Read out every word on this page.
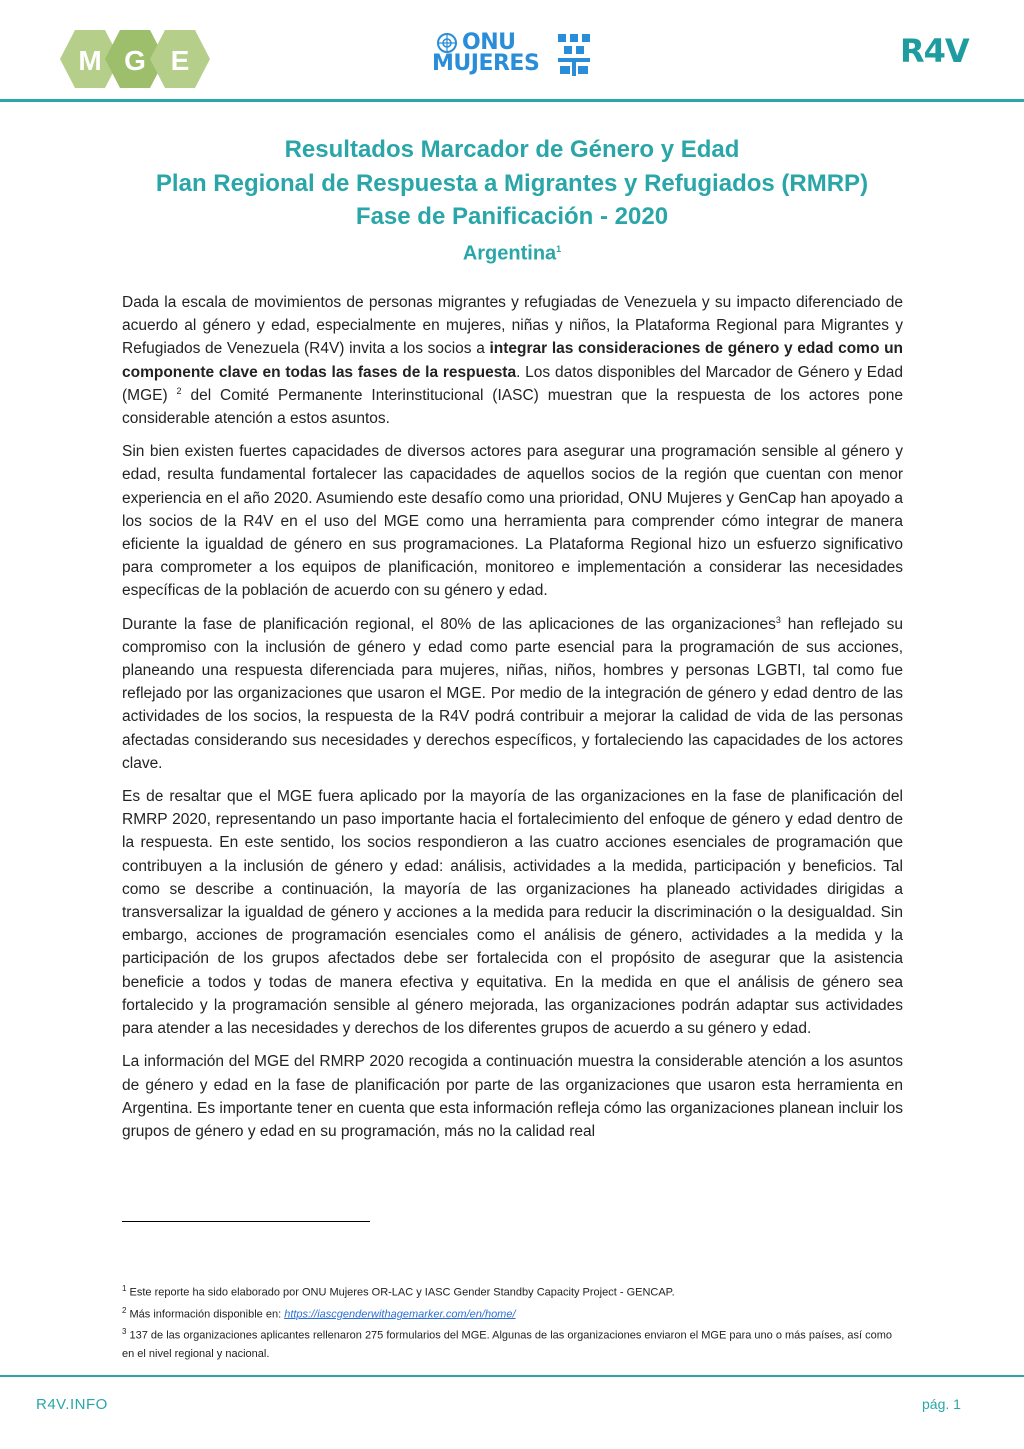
M G E
ONU
MUJERES	R4V
Resultados Marcador de Género y Edad
Plan Regional de Respuesta a Migrantes y Refugiados (RMRP)
Fase de Panificación - 2020
Argentina$^1$

Dada la escala de movimientos de personas migrantes y refugiadas de Venezuela y su impacto diferenciado de acuerdo al género y edad, especialmente en mujeres, niñas y niños, la Plataforma Regional para Migrantes y Refugiados de Venezuela (R4V) invita a los socios a integrar las consideraciones de género y edad como un componente clave en todas las fases de la respuesta. Los datos disponibles del Marcador de Género y Edad (MGE) $^2$ del Comité Permanente Interinstitucional (IASC) muestran que la respuesta de los actores pone considerable atención a estos asuntos.

Sin bien existen fuertes capacidades de diversos actores para asegurar una programación sensible al género y edad, resulta fundamental fortalecer las capacidades de aquellos socios de la región que cuentan con menor experiencia en el año 2020. Asumiendo este desafío como una prioridad, ONU Mujeres y GenCap han apoyado a los socios de la R4V en el uso del MGE como una herramienta para comprender cómo integrar de manera eficiente la igualdad de género en sus programaciones. La Plataforma Regional hizo un esfuerzo significativo para comprometer a los equipos de planificación, monitoreo e implementación a considerar las necesidades específicas de la población de acuerdo con su género y edad.

Durante la fase de planificación regional, el 80% de las aplicaciones de las organizaciones$^3$ han reflejado su compromiso con la inclusión de género y edad como parte esencial para la programación de sus acciones, planeando una respuesta diferenciada para mujeres, niñas, niños, hombres y personas LGBTI, tal como fue reflejado por las organizaciones que usaron el MGE. Por medio de la integración de género y edad dentro de las actividades de los socios, la respuesta de la R4V podrá contribuir a mejorar la calidad de vida de las personas afectadas considerando sus necesidades y derechos específicos, y fortaleciendo las capacidades de los actores clave.

Es de resaltar que el MGE fuera aplicado por la mayoría de las organizaciones en la fase de planificación del RMRP 2020, representando un paso importante hacia el fortalecimiento del enfoque de género y edad dentro de la respuesta. En este sentido, los socios respondieron a las cuatro acciones esenciales de programación que contribuyen a la inclusión de género y edad: análisis, actividades a la medida, participación y beneficios. Tal como se describe a continuación, la mayoría de las organizaciones ha planeado actividades dirigidas a transversalizar la igualdad de género y acciones a la medida para reducir la discriminación o la desigualdad. Sin embargo, acciones de programación esenciales como el análisis de género, actividades a la medida y la participación de los grupos afectados debe ser fortalecida con el propósito de asegurar que la asistencia beneficie a todos y todas de manera efectiva y equitativa. En la medida en que el análisis de género sea fortalecido y la programación sensible al género mejorada, las organizaciones podrán adaptar sus actividades para atender a las necesidades y derechos de los diferentes grupos de acuerdo a su género y edad.

La información del MGE del RMRP 2020 recogida a continuación muestra la considerable atención a los asuntos de género y edad en la fase de planificación por parte de las organizaciones que usaron esta herramienta en Argentina. Es importante tener en cuenta que esta información refleja cómo las organizaciones planean incluir los grupos de género y edad en su programación, más no la calidad real

$^1$ Este reporte ha sido elaborado por ONU Mujeres OR-LAC y IASC Gender Standby Capacity Project - GENCAP.
$^2$ Más información disponible en: https://iascgenderwithagemarker.com/en/home/
$^3$ 137 de las organizaciones aplicantes rellenaron 275 formularios del MGE. Algunas de las organizaciones enviaron el MGE para uno o más países, así como en el nivel regional y nacional.
R4V.INFO	pág. 1
